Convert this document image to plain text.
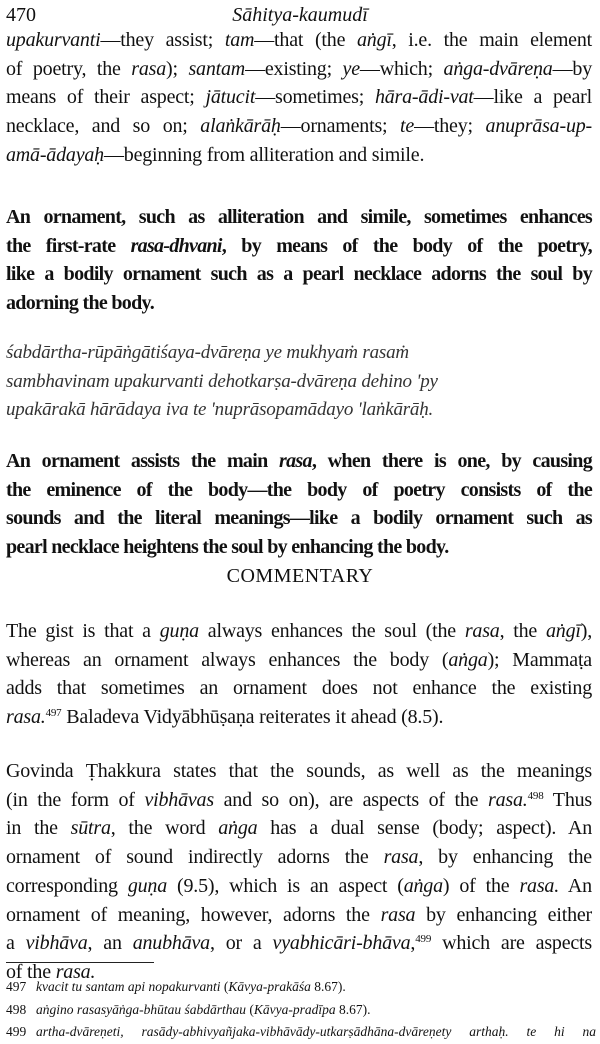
470	Sāhitya-kaumudī
upakurvanti—they assist; tam—that (the aṅgī, i.e. the main element
of poetry, the rasa); santam—existing; ye—which; aṅga-dvāreṇa—by
means of their aspect; jātucit—sometimes; hāra-ādi-vat—like a pearl
necklace, and so on; alaṅkārāḥ—ornaments; te—they; anuprāsa-up-
amā-ādayaḥ—beginning from alliteration and simile.
An ornament, such as alliteration and simile, sometimes enhances
the first-rate rasa-dhvani, by means of the body of the poetry,
like a bodily ornament such as a pearl necklace adorns the soul by
adorning the body.
śabdārtha-rūpāṅgātiśaya-dvāreṇa ye mukhyaṁ rasaṁ
sambhavinam upakurvanti dehotkarṣa-dvāreṇa dehino 'py
upakārakā hārādaya iva te 'nuprāsopamādayo 'laṅkārāḥ.
An ornament assists the main rasa, when there is one, by causing
the eminence of the body—the body of poetry consists of the
sounds and the literal meanings—like a bodily ornament such as
pearl necklace heightens the soul by enhancing the body.
COMMENTARY
The gist is that a guṇa always enhances the soul (the rasa, the aṅgī),
whereas an ornament always enhances the body (aṅga); Mammaṭa
adds that sometimes an ornament does not enhance the existing
rasa.$^{497}$ Baladeva Vidyābhūṣaṇa reiterates it ahead (8.5).
Govinda Ṭhakkura states that the sounds, as well as the meanings
(in the form of vibhāvas and so on), are aspects of the rasa.$^{498}$ Thus
in the sūtra, the word aṅga has a dual sense (body; aspect). An
ornament of sound indirectly adorns the rasa, by enhancing the
corresponding guṇa (9.5), which is an aspect (aṅga) of the rasa. An
ornament of meaning, however, adorns the rasa by enhancing either
a vibhāva, an anubhāva, or a vyabhicāri-bhāva,$^{499}$ which are aspects
of the rasa.
497 kvacit tu santam api nopakurvanti (Kāvya-prakāśa 8.67).
498 aṅgino rasasyāṅga-bhūtau śabdārthau (Kāvya-pradīpa 8.67).
499 artha-dvāreṇeti, rasādy-abhivyañjaka-vibhāvādy-utkarṣādhāna-dvāreṇety arthaḥ. te hi na
